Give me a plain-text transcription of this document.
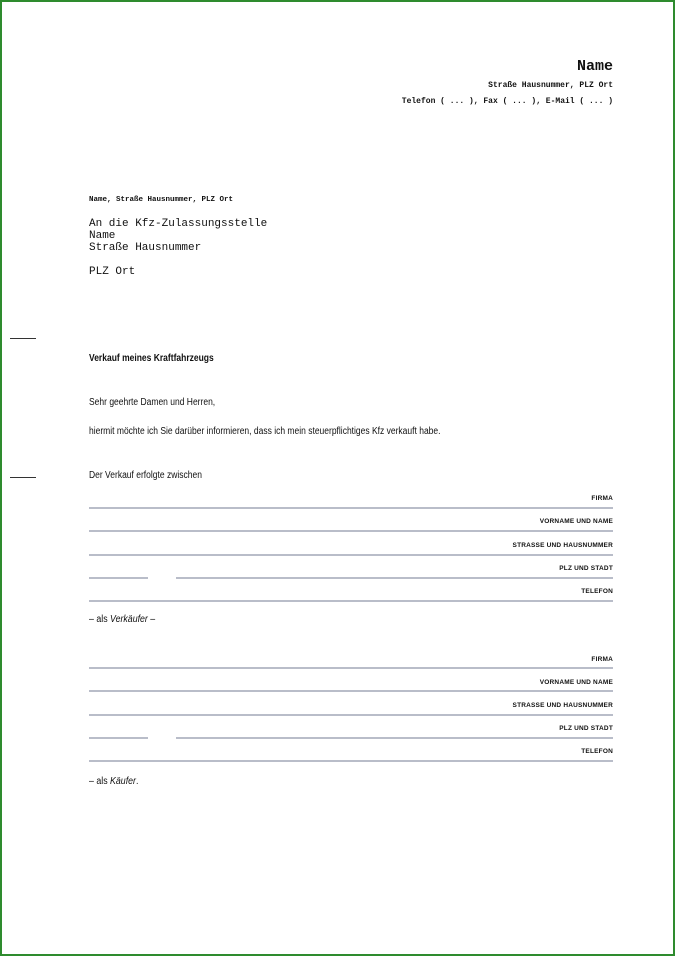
Name
Straße Hausnummer, PLZ Ort
Telefon ( ... ), Fax ( ... ), E-Mail ( ... )
Name, Straße Hausnummer, PLZ Ort
An die Kfz-Zulassungsstelle
Name
Straße Hausnummer
PLZ Ort
Verkauf meines Kraftfahrzeugs
Sehr geehrte Damen und Herren,
hiermit möchte ich Sie darüber informieren, dass ich mein steuerpflichtiges Kfz verkauft habe.
Der Verkauf erfolgte zwischen
FIRMA
VORNAME UND NAME
STRASSE UND HAUSNUMMER
PLZ UND STADT
TELEFON
– als Verkäufer –
FIRMA
VORNAME UND NAME
STRASSE UND HAUSNUMMER
PLZ UND STADT
TELEFON
– als Käufer.
